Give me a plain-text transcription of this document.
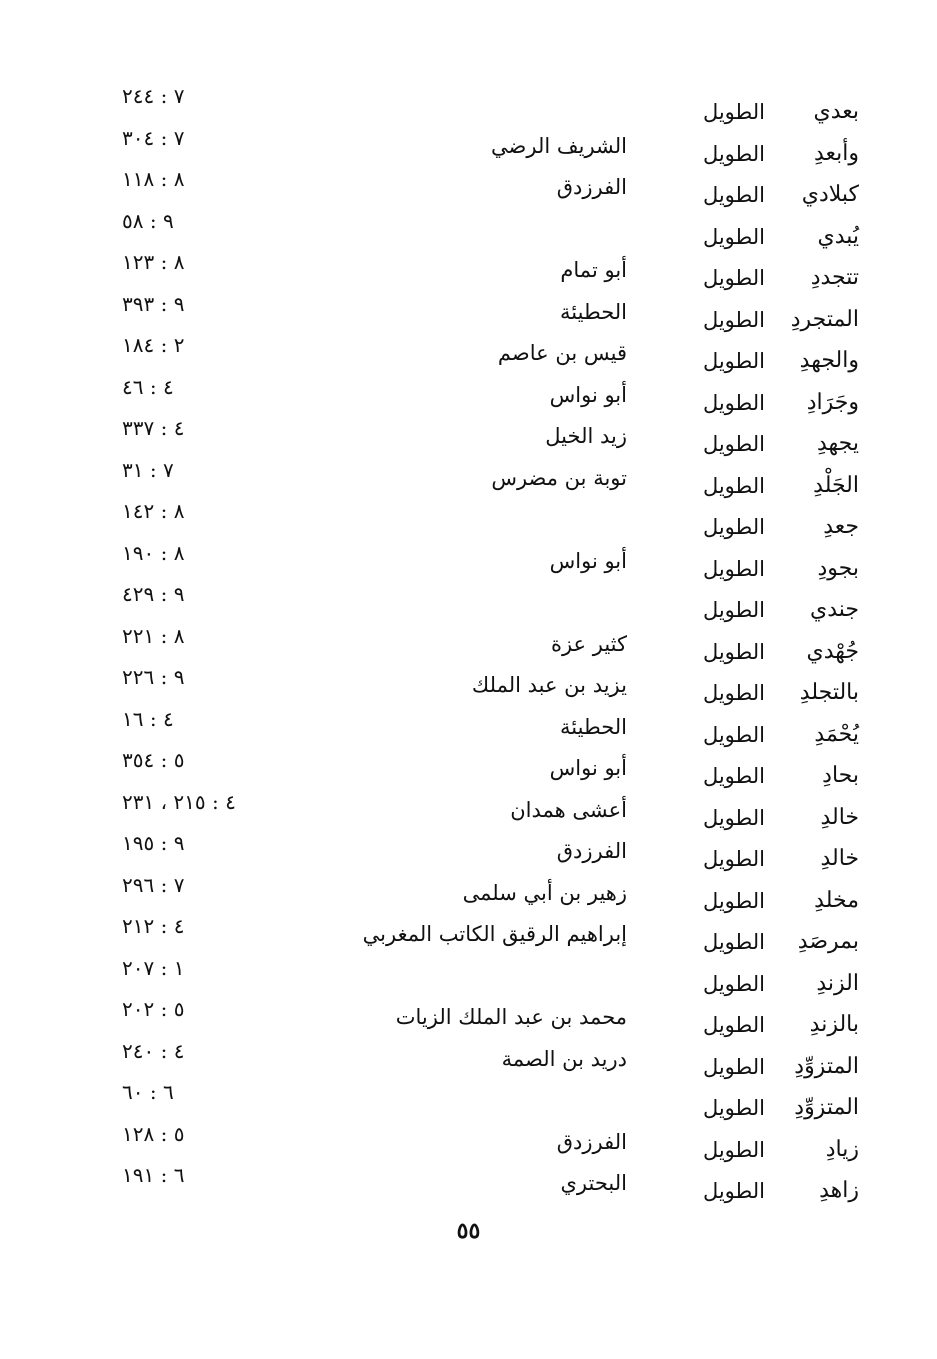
بعدي
الطويل
٧ : ٢٤٤
وأبعدِ
الطويل
الشريف الرضي
٧ : ٣٠٤
كبلادي
الطويل
الفرزدق
٨ : ١١٨
يُبدي
الطويل
٩ : ٥٨
تتجددِ
الطويل
أبو تمام
٨ : ١٢٣
المتجردِ
الطويل
الحطيئة
٩ : ٣٩٣
والجهدِ
الطويل
قيس بن عاصم
٢ : ١٨٤
وجَرَادِ
الطويل
أبو نواس
٤ : ٤٦
يجهدِ
الطويل
زيد الخيل
٤ : ٣٣٧
الجَلْدِ
الطويل
توبة بن مضرس
٧ : ٣١
جعدِ
الطويل
٨ : ١٤٢
بجودِ
الطويل
أبو نواس
٨ : ١٩٠
جندي
الطويل
٩ : ٤٢٩
جُهْدي
الطويل
كثير عزة
٨ : ٢٢١
بالتجلدِ
الطويل
يزيد بن عبد الملك
٩ : ٢٢٦
يُحْمَدِ
الطويل
الحطيئة
٤ : ١٦
بحادِ
الطويل
أبو نواس
٥ : ٣٥٤
خالدِ
الطويل
أعشى همدان
٤ : ٢١٥ ، ٢٣١
خالدِ
الطويل
الفرزدق
٩ : ١٩٥
مخلدِ
الطويل
زهير بن أبي سلمى
٧ : ٢٩٦
بمرصَدِ
الطويل
إبراهيم الرقيق الكاتب المغربي
٤ : ٢١٢
الزندِ
الطويل
١ : ٢٠٧
بالزندِ
الطويل
محمد بن عبد الملك الزيات
٥ : ٢٠٢
المتزوِّدِ
الطويل
دريد بن الصمة
٤ : ٢٤٠
المتزوِّدِ
الطويل
٦ : ٦٠
زيادِ
الطويل
الفرزدق
٥ : ١٢٨
زاهدِ
الطويل
البحتري
٦ : ١٩١
٥٥
